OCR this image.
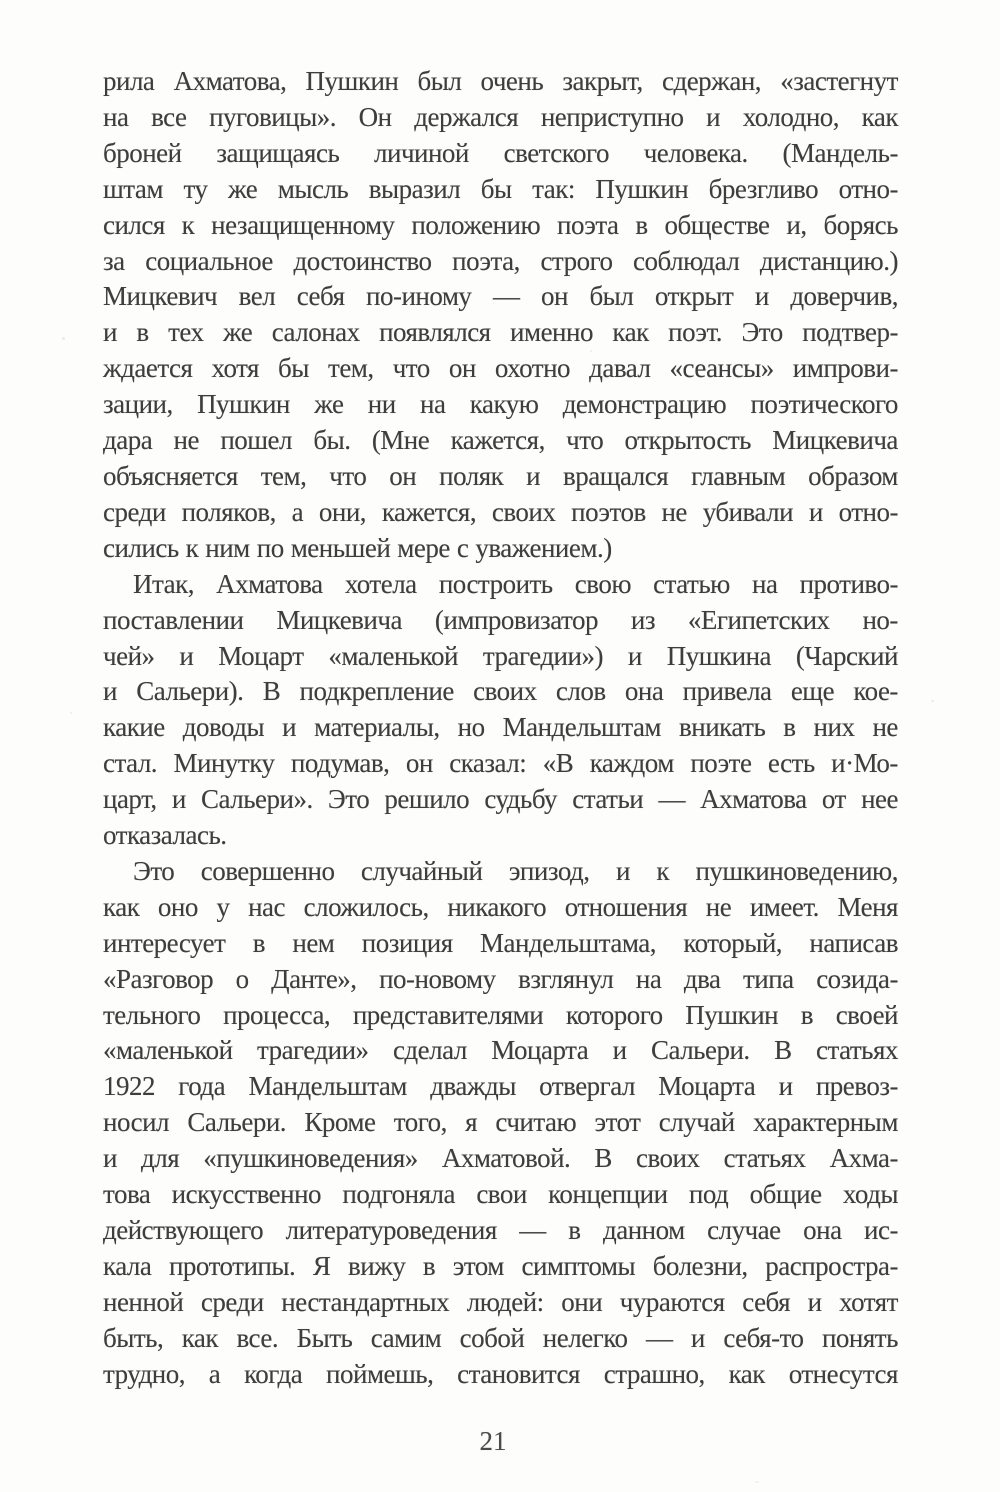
рила Ахматова, Пушкин был очень закрыт, сдержан, «застегнут
на все пуговицы». Он держался неприступно и холодно, как
броней защищаясь личиной светского человека. (Мандель-
штам ту же мысль выразил бы так: Пушкин брезгливо отно-
сился к незащищенному положению поэта в обществе и, борясь
за социальное достоинство поэта, строго соблюдал дистанцию.)
Мицкевич вел себя по-иному — он был открыт и доверчив,
и в тех же салонах появлялся именно как поэт. Это подтвер-
ждается хотя бы тем, что он охотно давал «сеансы» импрови-
зации, Пушкин же ни на какую демонстрацию поэтического
дара не пошел бы. (Мне кажется, что открытость Мицкевича
объясняется тем, что он поляк и вращался главным образом
среди поляков, а они, кажется, своих поэтов не убивали и отно-
сились к ним по меньшей мере с уважением.)
Итак, Ахматова хотела построить свою статью на противо-
поставлении Мицкевича (импровизатор из «Египетских но-
чей» и Моцарт «маленькой трагедии») и Пушкина (Чарский
и Сальери). В подкрепление своих слов она привела еще кое-
какие доводы и материалы, но Мандельштам вникать в них не
стал. Минутку подумав, он сказал: «В каждом поэте есть и·Мо-
царт, и Сальери». Это решило судьбу статьи — Ахматова от нее
отказалась.
Это совершенно случайный эпизод, и к пушкиноведению,
как оно у нас сложилось, никакого отношения не имеет. Меня
интересует в нем позиция Мандельштама, который, написав
«Разговор о Данте», по-новому взглянул на два типа созида-
тельного процесса, представителями которого Пушкин в своей
«маленькой трагедии» сделал Моцарта и Сальери. В статьях
1922 года Мандельштам дважды отвергал Моцарта и превоз-
носил Сальери. Кроме того, я считаю этот случай характерным
и для «пушкиноведения» Ахматовой. В своих статьях Ахма-
това искусственно подгоняла свои концепции под общие ходы
действующего литературоведения — в данном случае она ис-
кала прототипы. Я вижу в этом симптомы болезни, распростра-
ненной среди нестандартных людей: они чураются себя и хотят
быть, как все. Быть самим собой нелегко — и себя-то понять
трудно, а когда поймешь, становится страшно, как отнесутся
21
